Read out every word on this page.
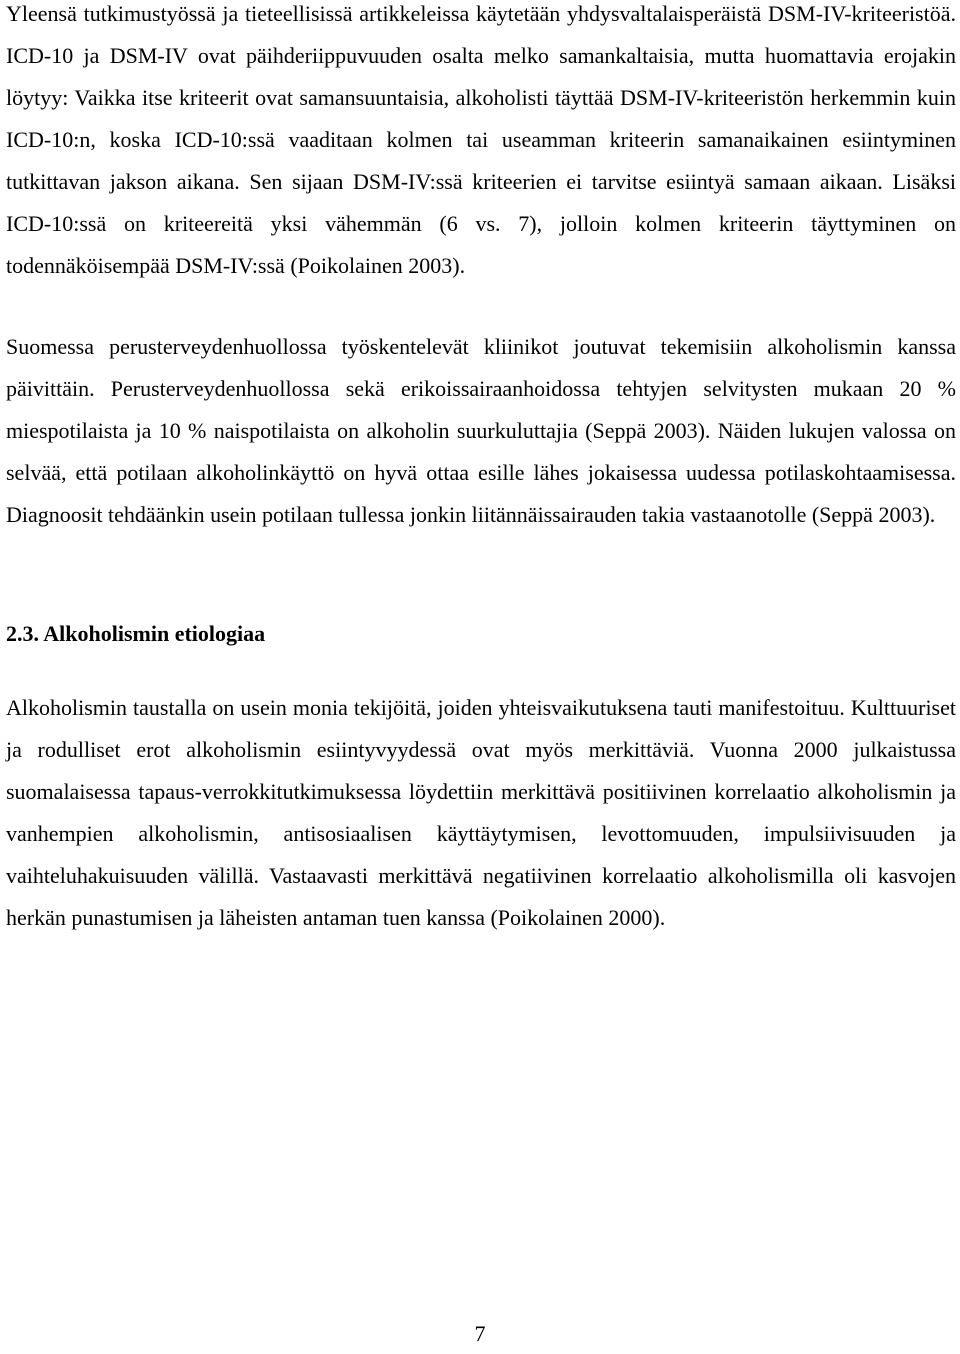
Yleensä tutkimustyössä ja tieteellisissä artikkeleissa käytetään yhdysvaltalaisperäistä DSM-IV-kriteeristöä. ICD-10 ja DSM-IV ovat päihderiippuvuuden osalta melko samankaltaisia, mutta huomattavia erojakin löytyy: Vaikka itse kriteerit ovat samansuuntaisia, alkoholisti täyttää DSM-IV-kriteeristön herkemmin kuin ICD-10:n, koska ICD-10:ssä vaaditaan kolmen tai useamman kriteerin samanaikainen esiintyminen tutkittavan jakson aikana. Sen sijaan DSM-IV:ssä kriteerien ei tarvitse esiintyä samaan aikaan. Lisäksi ICD-10:ssä on kriteereitä yksi vähemmän (6 vs. 7), jolloin kolmen kriteerin täyttyminen on todennäköisempää DSM-IV:ssä (Poikolainen 2003).

Suomessa perusterveydenhuollossa työskentelevät kliinikot joutuvat tekemisiin alkoholismin kanssa päivittäin. Perusterveydenhuollossa sekä erikoissairaanhoidossa tehtyjen selvitysten mukaan 20 % miespotilaista ja 10 % naispotilaista on alkoholin suurkuluttajia (Seppä 2003). Näiden lukujen valossa on selvää, että potilaan alkoholinkäyttö on hyvä ottaa esille lähes jokaisessa uudessa potilaskohtaamisessa. Diagnoosit tehdäänkin usein potilaan tullessa jonkin liitännäissairauden takia vastaanotolle (Seppä 2003).

2.3. Alkoholismin etiologiaa

Alkoholismin taustalla on usein monia tekijöitä, joiden yhteisvaikutuksena tauti manifestoituu. Kulttuuriset ja rodulliset erot alkoholismin esiintyvyydessä ovat myös merkittäviä. Vuonna 2000 julkaistussa suomalaisessa tapaus-verrokkitutkimuksessa löydettiin merkittävä positiivinen korrelaatio alkoholismin ja vanhempien alkoholismin, antisosiaalisen käyttäytymisen, levottomuuden, impulsiivisuuden ja vaihteluhakuisuuden välillä. Vastaavasti merkittävä negatiivinen korrelaatio alkoholismilla oli kasvojen herkän punastumisen ja läheisten antaman tuen kanssa (Poikolainen 2000).

7
